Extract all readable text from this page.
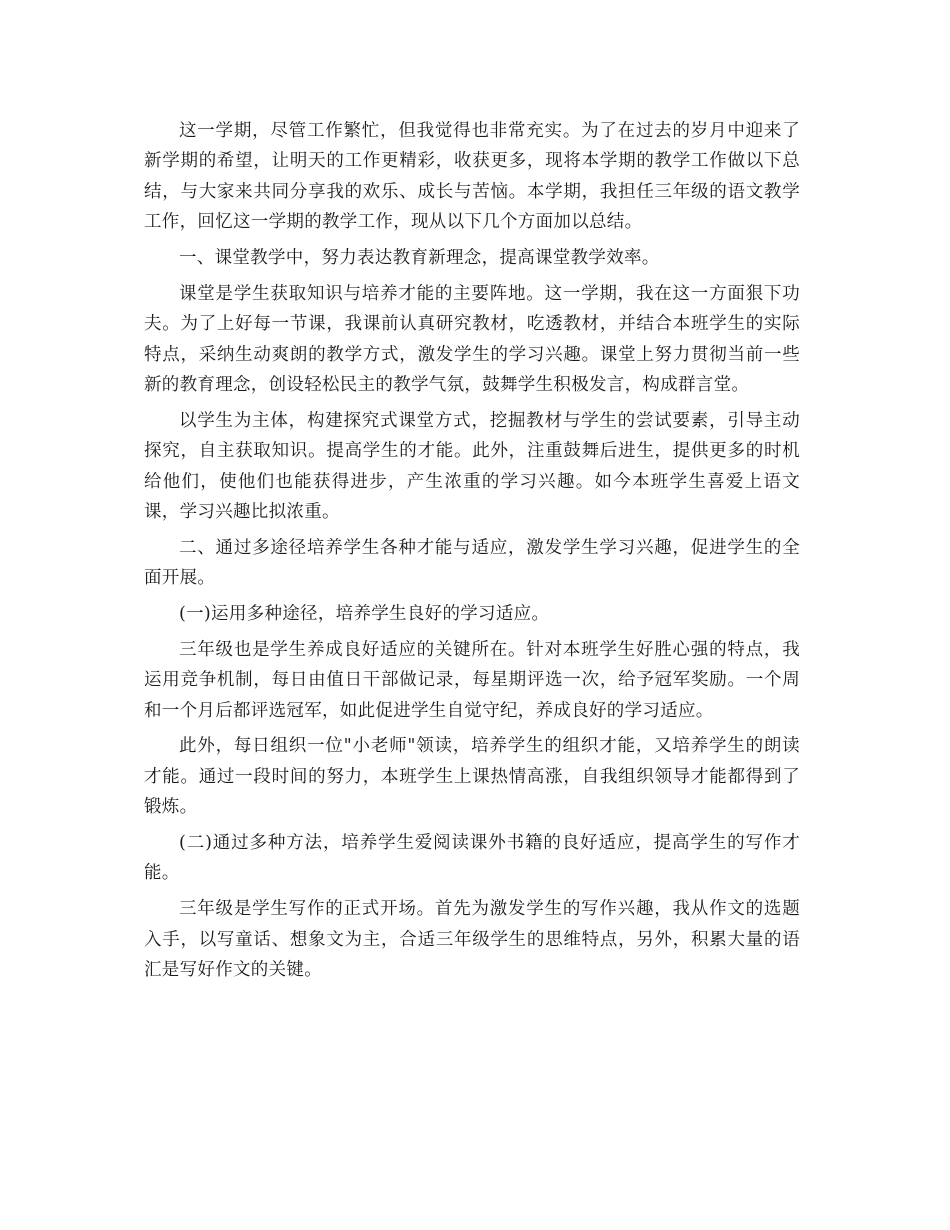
这一学期，尽管工作繁忙，但我觉得也非常充实。为了在过去的岁月中迎来了新学期的希望，让明天的工作更精彩，收获更多，现将本学期的教学工作做以下总结，与大家来共同分享我的欢乐、成长与苦恼。本学期，我担任三年级的语文教学工作，回忆这一学期的教学工作，现从以下几个方面加以总结。

一、课堂教学中，努力表达教育新理念，提高课堂教学效率。

课堂是学生获取知识与培养才能的主要阵地。这一学期，我在这一方面狠下功夫。为了上好每一节课，我课前认真研究教材，吃透教材，并结合本班学生的实际特点，采纳生动爽朗的教学方式，激发学生的学习兴趣。课堂上努力贯彻当前一些新的教育理念，创设轻松民主的教学气氛，鼓舞学生积极发言，构成群言堂。

以学生为主体，构建探究式课堂方式，挖掘教材与学生的尝试要素，引导主动探究，自主获取知识。提高学生的才能。此外，注重鼓舞后进生，提供更多的时机给他们，使他们也能获得进步，产生浓重的学习兴趣。如今本班学生喜爱上语文课，学习兴趣比拟浓重。

二、通过多途径培养学生各种才能与适应，激发学生学习兴趣，促进学生的全面开展。

(一)运用多种途径，培养学生良好的学习适应。

三年级也是学生养成良好适应的关键所在。针对本班学生好胜心强的特点，我运用竞争机制，每日由值日干部做记录，每星期评选一次，给予冠军奖励。一个周和一个月后都评选冠军，如此促进学生自觉守纪，养成良好的学习适应。

此外，每日组织一位"小老师"领读，培养学生的组织才能，又培养学生的朗读才能。通过一段时间的努力，本班学生上课热情高涨，自我组织领导才能都得到了锻炼。

(二)通过多种方法，培养学生爱阅读课外书籍的良好适应，提高学生的写作才能。

三年级是学生写作的正式开场。首先为激发学生的写作兴趣，我从作文的选题入手，以写童话、想象文为主，合适三年级学生的思维特点，另外，积累大量的语汇是写好作文的关键。
